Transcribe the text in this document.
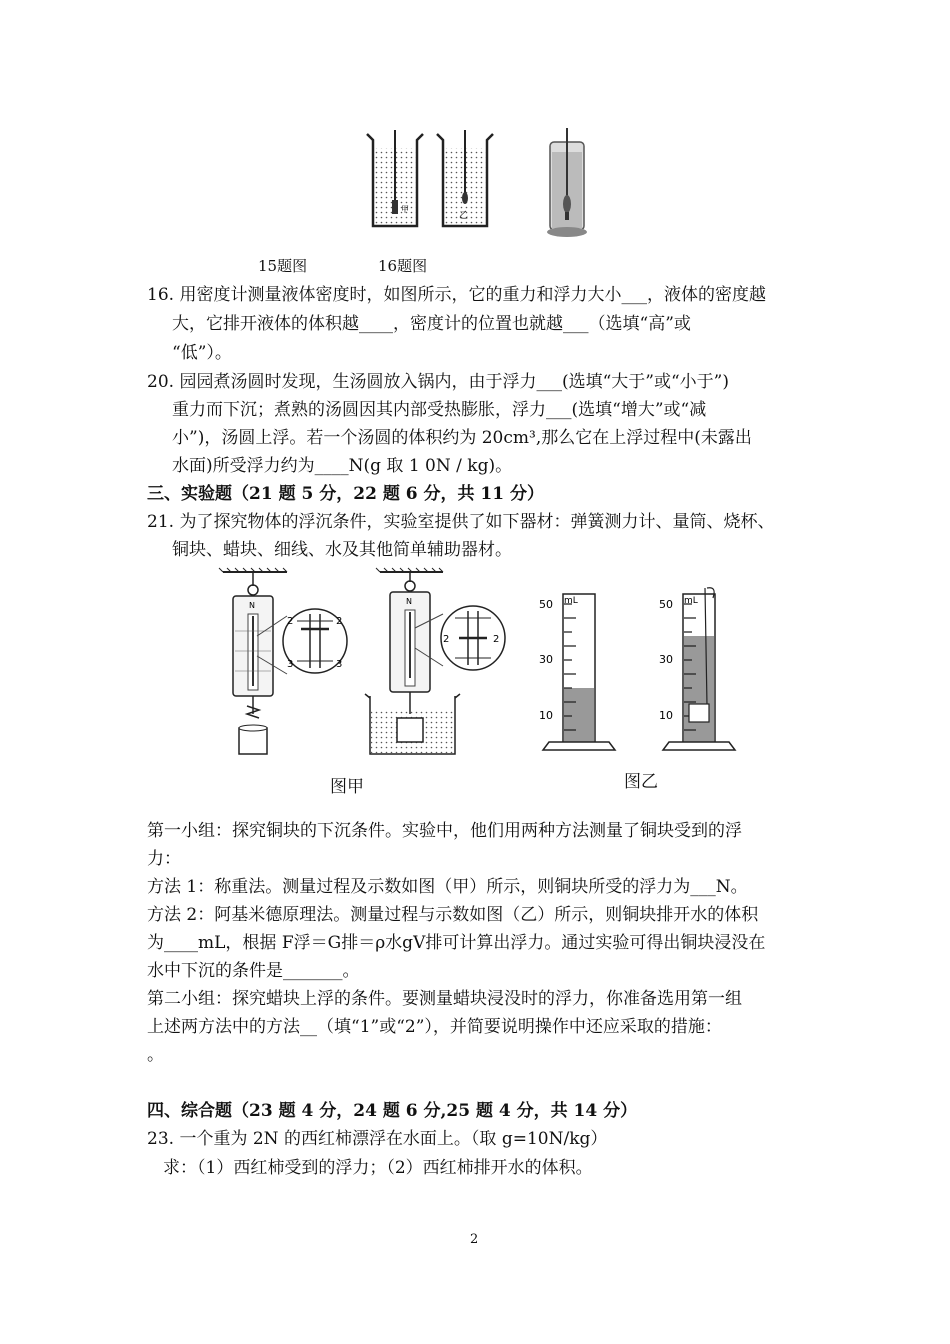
甲
乙
15题图	16题图
16. 用密度计测量液体密度时，如图所示，它的重力和浮力大小___，液体的密度越
大，它排开液体的体积越____，密度计的位置也就越___（选填“高”或
“低”）。
20. 园园煮汤圆时发现，生汤圆放入锅内，由于浮力___(选填“大于”或“小于”)
重力而下沉；煮熟的汤圆因其内部受热膨胀，浮力___(选填“增大”或“减
小”)，汤圆上浮。若一个汤圆的体积约为 20cm³,那么它在上浮过程中(未露出
水面)所受浮力约为____N(g 取 1 0N / kg)。
三、实验题（21 题 5 分，22 题 6 分，共 11 分）
21. 为了探究物体的浮沉条件，实验室提供了如下器材：弹簧测力计、量筒、烧杯、
铜块、蜡块、细线、水及其他简单辅助器材。
N
2	2
3	3
N
2	2
mL
50
30
10
mL
50
30
10
图甲	图乙
第一小组：探究铜块的下沉条件。实验中，他们用两种方法测量了铜块受到的浮
力：
方法 1：称重法。测量过程及示数如图（甲）所示，则铜块所受的浮力为___N。
方法 2：阿基米德原理法。测量过程与示数如图（乙）所示，则铜块排开水的体积
为____mL，根据 F浮＝G排＝ρ水gV排可计算出浮力。通过实验可得出铜块浸没在
水中下沉的条件是_______。
第二小组：探究蜡块上浮的条件。要测量蜡块浸没时的浮力，你准备选用第一组
上述两方法中的方法__（填“1”或“2”），并简要说明操作中还应采取的措施：
。
四、综合题（23 题 4 分，24 题 6 分,25 题 4 分，共 14 分）
23. 一个重为 2N 的西红柿漂浮在水面上。（取 g=10N/kg）
求：（1）西红柿受到的浮力；（2）西红柿排开水的体积。
2
